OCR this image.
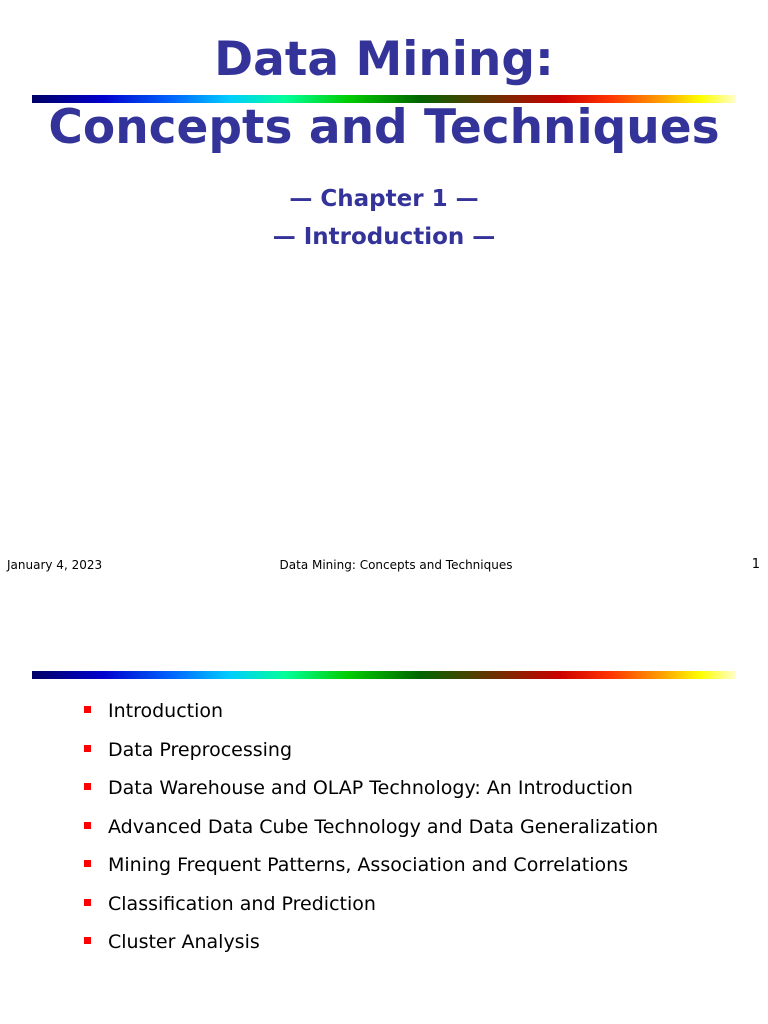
Data Mining:
Concepts and Techniques
— Chapter 1 —
— Introduction —
January 4, 2023	Data Mining: Concepts and Techniques	1
Introduction
Data Preprocessing
Data Warehouse and OLAP Technology: An Introduction
Advanced Data Cube Technology and Data Generalization
Mining Frequent Patterns, Association and Correlations
Classification and Prediction
Cluster Analysis
